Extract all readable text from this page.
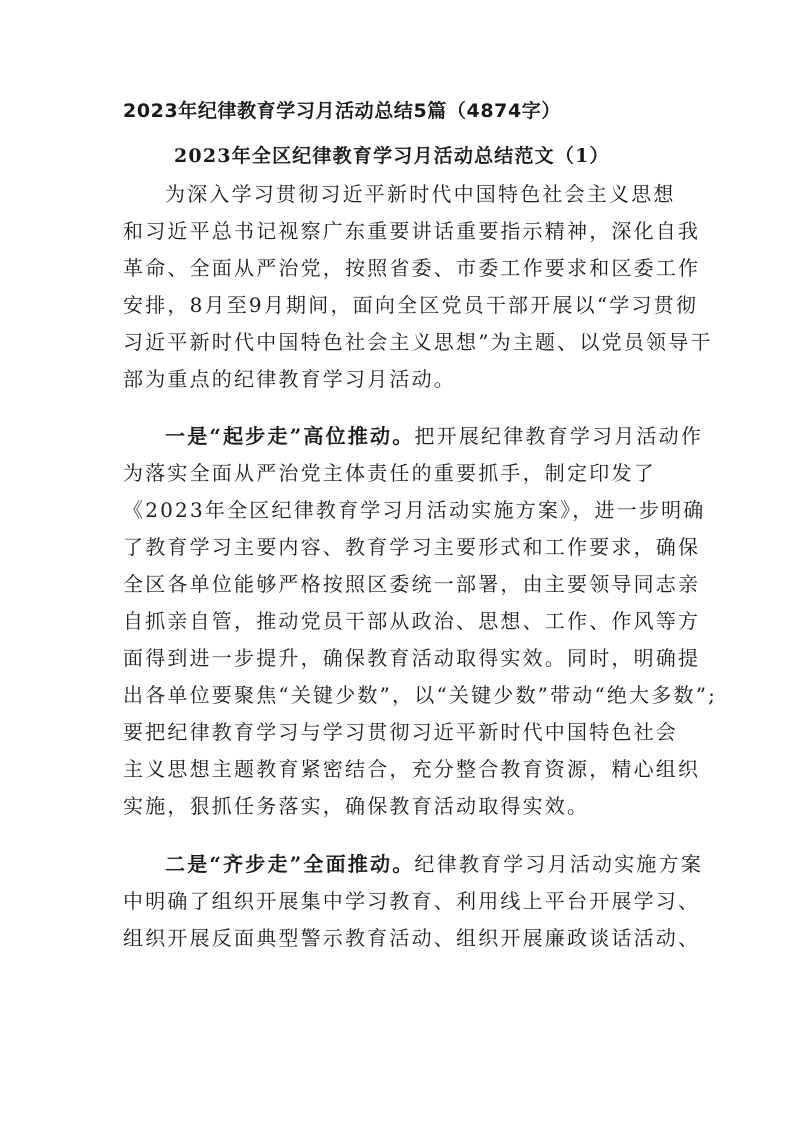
2023年纪律教育学习月活动总结5篇（4874字）
2023年全区纪律教育学习月活动总结范文（1）

为深入学习贯彻习近平新时代中国特色社会主义思想

和习近平总书记视察广东重要讲话重要指示精神，深化自我

革命、全面从严治党，按照省委、市委工作要求和区委工作

安排，8月至9月期间，面向全区党员干部开展以“学习贯彻

习近平新时代中国特色社会主义思想”为主题、以党员领导干

部为重点的纪律教育学习月活动。

一是“起步走”高位推动。把开展纪律教育学习月活动作

为落实全面从严治党主体责任的重要抓手，制定印发了

《2023年全区纪律教育学习月活动实施方案》，进一步明确

了教育学习主要内容、教育学习主要形式和工作要求，确保

全区各单位能够严格按照区委统一部署，由主要领导同志亲

自抓亲自管，推动党员干部从政治、思想、工作、作风等方

面得到进一步提升，确保教育活动取得实效。同时，明确提

出各单位要聚焦“关键少数”，以“关键少数”带动“绝大多数”;

要把纪律教育学习与学习贯彻习近平新时代中国特色社会

主义思想主题教育紧密结合，充分整合教育资源，精心组织

实施，狠抓任务落实，确保教育活动取得实效。

二是“齐步走”全面推动。纪律教育学习月活动实施方案

中明确了组织开展集中学习教育、利用线上平台开展学习、

组织开展反面典型警示教育活动、组织开展廉政谈话活动、
